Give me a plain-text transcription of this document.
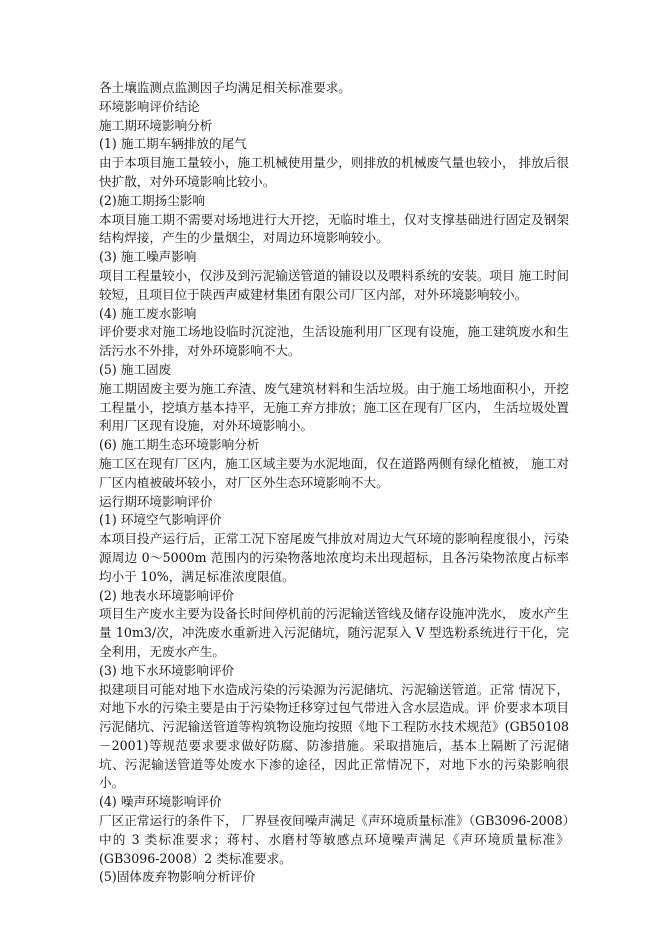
各土壤监测点监测因子均满足相关标准要求。

环境影响评价结论

施工期环境影响分析

(1) 施工期车辆排放的尾气

由于本项目施工量较小，施工机械使用量少，则排放的机械废气量也较小， 排放后很快扩散，对外环境影响比较小。

(2)施工期扬尘影响

本项目施工期不需要对场地进行大开挖，无临时堆土，仅对支撑基础进行固定及钢架结构焊接，产生的少量烟尘，对周边环境影响较小。

(3) 施工噪声影响

项目工程量较小，仅涉及到污泥输送管道的铺设以及喂料系统的安装。项目 施工时间较短，且项目位于陕西声威建材集团有限公司厂区内部，对外环境影响较小。

(4) 施工废水影响

评价要求对施工场地设临时沉淀池，生活设施利用厂区现有设施，施工建筑废水和生活污水不外排，对外环境影响不大。

(5) 施工固废

施工期固废主要为施工弃渣、废气建筑材料和生活垃圾。由于施工场地面积小，开挖工程量小，挖填方基本持平，无施工弃方排放；施工区在现有厂区内， 生活垃圾处置利用厂区现有设施，对外环境影响小。

(6) 施工期生态环境影响分析

施工区在现有厂区内，施工区域主要为水泥地面，仅在道路两侧有绿化植被， 施工对厂区内植被破坏较小，对厂区外生态环境影响不大。

运行期环境影响评价

(1) 环境空气影响评价

本项目投产运行后，正常工况下窑尾废气排放对周边大气环境的影响程度很小，污染源周边 0～5000m 范围内的污染物落地浓度均未出现超标，且各污染物浓度占标率均小于 10%，满足标准浓度限值。

(2) 地表水环境影响评价

项目生产废水主要为设备长时间停机前的污泥输送管线及储存设施冲洗水， 废水产生量 10m3/次，冲洗废水重新进入污泥储坑，随污泥泵入 V 型选粉系统进行干化，完全利用，无废水产生。

(3) 地下水环境影响评价

拟建项目可能对地下水造成污染的污染源为污泥储坑、污泥输送管道。正常 情况下，对地下水的污染主要是由于污染物迁移穿过包气带进入含水层造成。评 价要求本项目污泥储坑、污泥输送管道等构筑物设施均按照《地下工程防水技术规范》(GB50108－2001)等规范要求要求做好防腐、防渗措施。采取措施后，基本上隔断了污泥储坑、污泥输送管道等处废水下渗的途径，因此正常情况下，对地下水的污染影响很小。

(4) 噪声环境影响评价

厂区正常运行的条件下， 厂界昼夜间噪声满足《声环境质量标准》（GB3096-2008）中的 3 类标准要求；蒋村、水磨村等敏感点环境噪声满足《声环境质量标准》(GB3096-2008）2 类标准要求。

(5)固体废弃物影响分析评价
